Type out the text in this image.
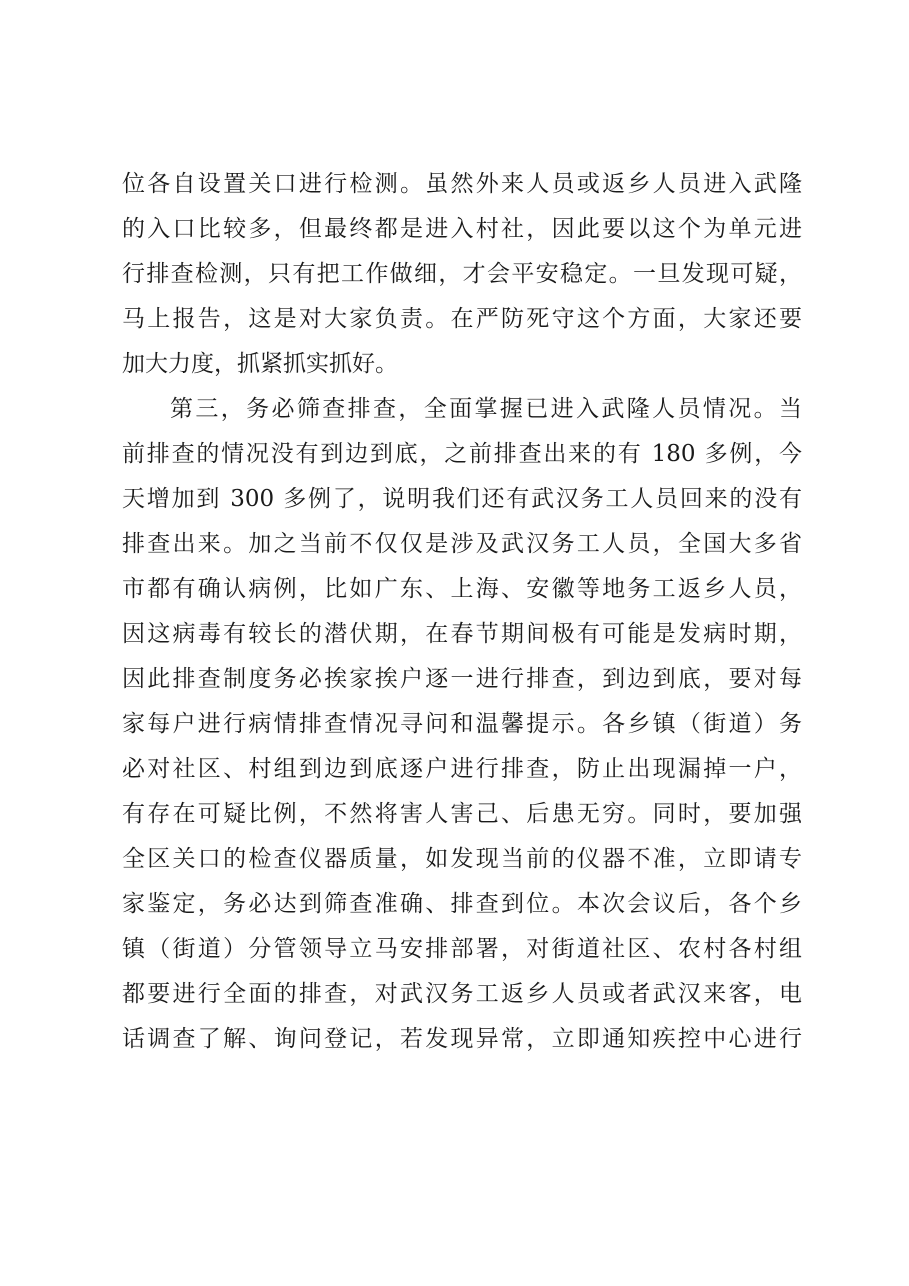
位各自设置关口进行检测。虽然外来人员或返乡人员进入武隆
的入口比较多，但最终都是进入村社，因此要以这个为单元进
行排查检测，只有把工作做细，才会平安稳定。一旦发现可疑，
马上报告，这是对大家负责。在严防死守这个方面，大家还要
加大力度，抓紧抓实抓好。
第三，务必筛查排查，全面掌握已进入武隆人员情况。当
前排查的情况没有到边到底，之前排查出来的有 180 多例，今
天增加到 300 多例了，说明我们还有武汉务工人员回来的没有
排查出来。加之当前不仅仅是涉及武汉务工人员，全国大多省
市都有确认病例，比如广东、上海、安徽等地务工返乡人员，
因这病毒有较长的潜伏期，在春节期间极有可能是发病时期，
因此排查制度务必挨家挨户逐一进行排查，到边到底，要对每
家每户进行病情排查情况寻问和温馨提示。各乡镇（街道）务
必对社区、村组到边到底逐户进行排查，防止出现漏掉一户，
有存在可疑比例，不然将害人害己、后患无穷。同时，要加强
全区关口的检查仪器质量，如发现当前的仪器不准，立即请专
家鉴定，务必达到筛查准确、排查到位。本次会议后，各个乡
镇（街道）分管领导立马安排部署，对街道社区、农村各村组
都要进行全面的排查，对武汉务工返乡人员或者武汉来客，电
话调查了解、询问登记，若发现异常，立即通知疾控中心进行
